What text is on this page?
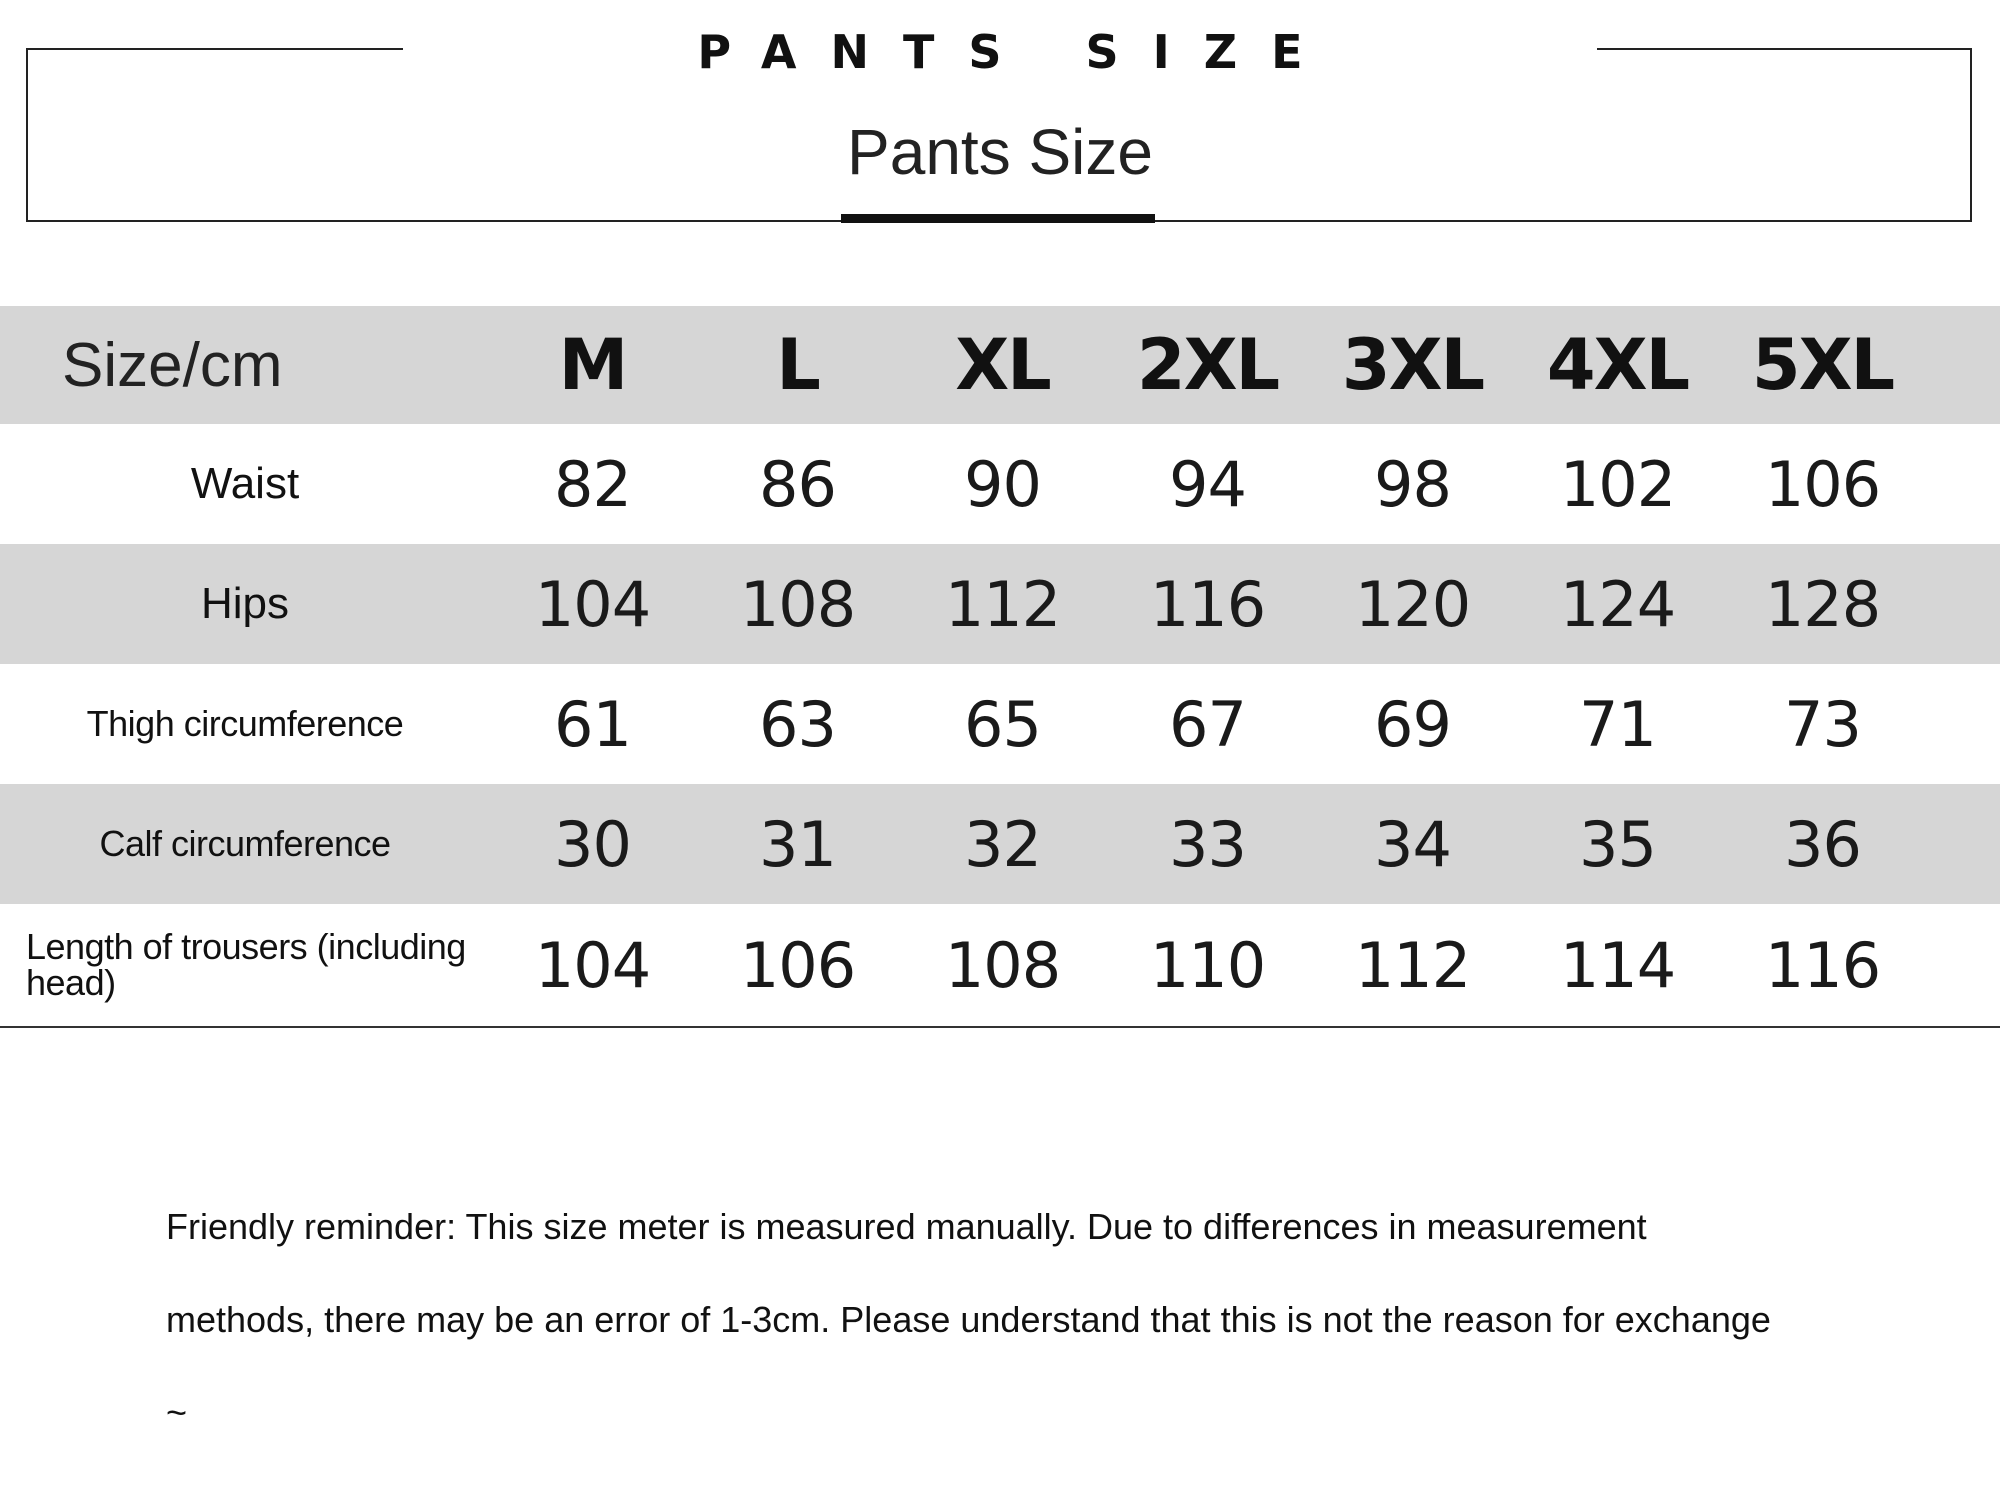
PANTS SIZE
Pants Size
Size/cm	M	L	XL	2XL	3XL	4XL	5XL	
Waist	82	86	90	94	98	102	106	
Hips	104	108	112	116	120	124	128	
Thigh circumference	61	63	65	67	69	71	73	
Calf circumference	30	31	32	33	34	35	36	
Length of trousers (including head)	104	106	108	110	112	114	116	
Friendly reminder: This size meter is measured manually. Due to differences in measurement
methods, there may be an error of 1-3cm. Please understand that this is not the reason for exchange
~
